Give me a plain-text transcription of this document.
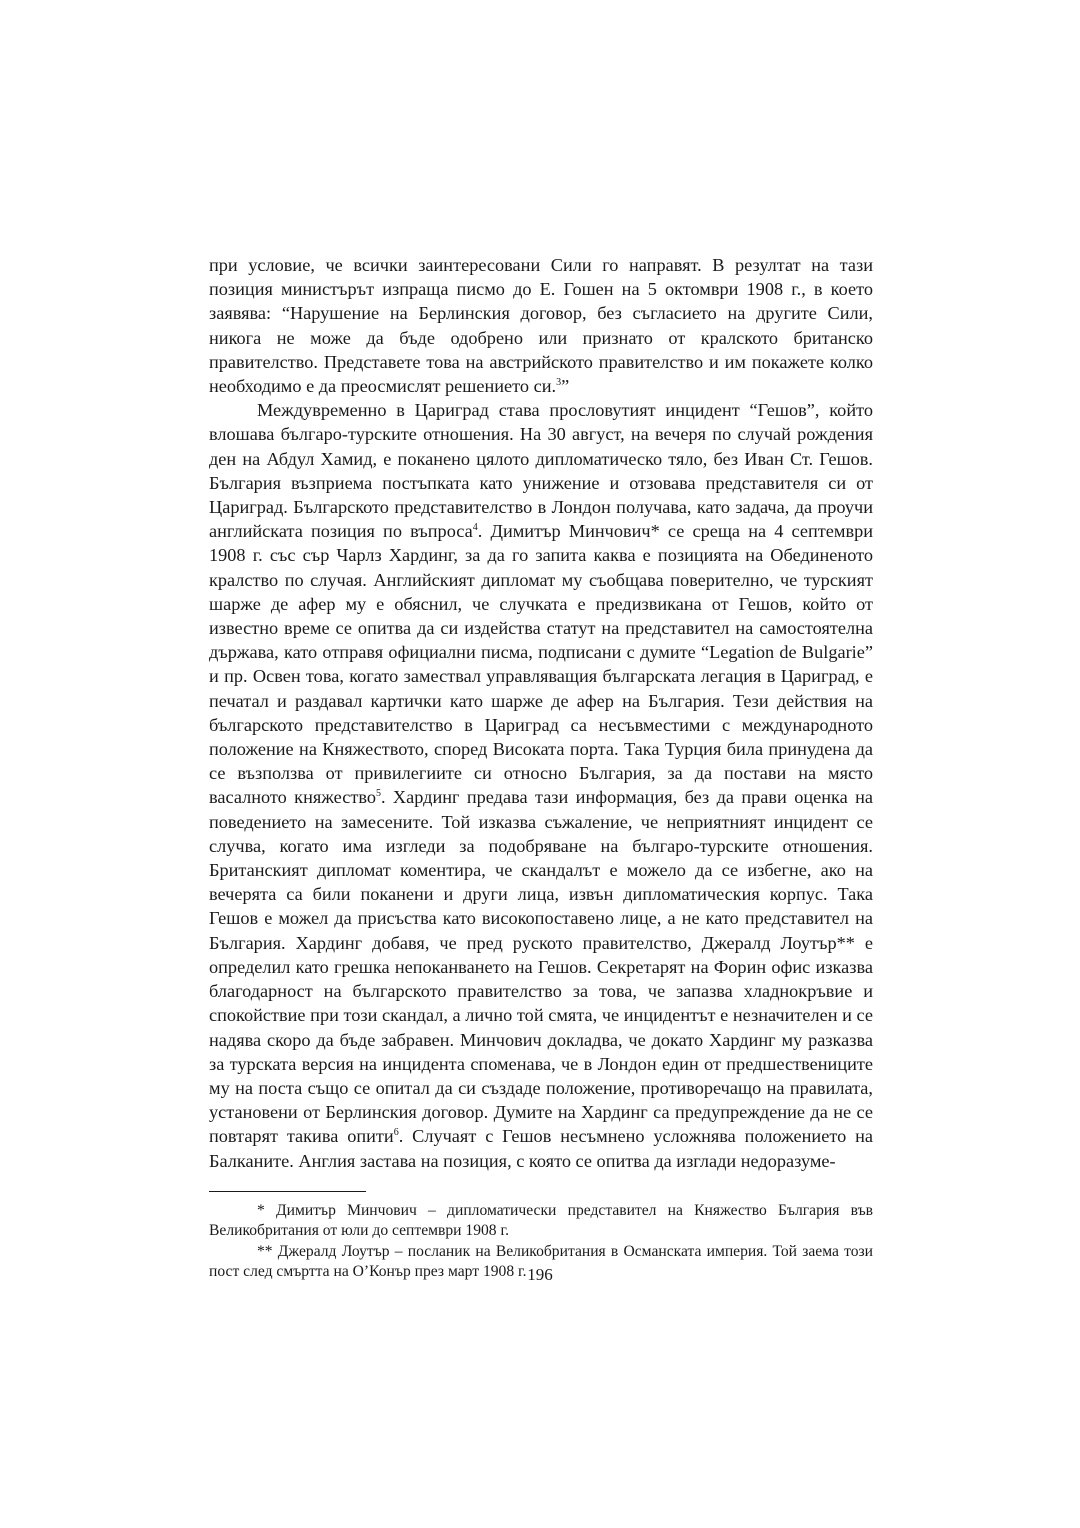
при условие, че всички заинтересовани Сили го направят. В резултат на тази позиция министърът изпраща писмо до Е. Гошен на 5 октомври 1908 г., в което заявява: “Нарушение на Берлинския договор, без съгласието на другите Сили, никога не може да бъде одобрено или признато от кралското британско правителство. Представете това на австрийското правителство и им покажете колко необходимо е да преосмислят решението си.$^3$”

Междувременно в Цариград става прословутият инцидент “Гешов”, който влошава българо-турските отношения. На 30 август, на вечеря по случай рождения ден на Абдул Хамид, е поканено цялото дипломатическо тяло, без Иван Ст. Гешов. България възприема постъпката като унижение и отзовава представителя си от Цариград. Българското представителство в Лондон получава, като задача, да проучи английската позиция по въпроса$^4$. Димитър Минчович* се среща на 4 септември 1908 г. със сър Чарлз Хардинг, за да го запита каква е позицията на Обединеното кралство по случая. Английският дипломат му съобщава поверително, че турският шарже де афер му е обяснил, че случката е предизвикана от Гешов, който от известно време се опитва да си издейства статут на представител на самостоятелна държава, като отправя официални писма, подписани с думите “Legation de Bulgarie” и пр. Освен това, когато замествал управляващия българската легация в Цариград, е печатал и раздавал картички като шарже де афер на България. Тези действия на българското представителство в Цариград са несъвместими с международното положение на Княжеството, според Високата порта. Така Турция била принудена да се възползва от привилегиите си относно България, за да постави на място васалното княжество$^5$. Хардинг предава тази информация, без да прави оценка на поведението на замесените. Той изказва съжаление, че неприятният инцидент се случва, когато има изгледи за подобряване на българо-турските отношения. Британският дипломат коментира, че скандалът е можело да се избегне, ако на вечерята са били поканени и други лица, извън дипломатическия корпус. Така Гешов е можел да присъства като високопоставено лице, а не като представител на България. Хардинг добавя, че пред руското правителство, Джералд Лоутър** е определил като грешка непоканването на Гешов. Секретарят на Форин офис изказва благодарност на българското правителство за това, че запазва хладнокръвие и спокойствие при този скандал, а лично той смята, че инцидентът е незначителен и се надява скоро да бъде забравен. Минчович докладва, че докато Хардинг му разказва за турската версия на инцидента споменава, че в Лондон един от предшествениците му на поста също се опитал да си създаде положение, противоречащо на правилата, установени от Берлинския договор. Думите на Хардинг са предупреждение да не се повтарят такива опити$^6$. Случаят с Гешов несъмнено усложнява положението на Балканите. Англия застава на позиция, с която се опитва да изглади недоразуме-

* Димитър Минчович – дипломатически представител на Княжество България във Великобритания от юли до септември 1908 г.

** Джералд Лоутър – посланик на Великобритания в Османската империя. Той заема този пост след смъртта на О’Конър през март 1908 г. 196
